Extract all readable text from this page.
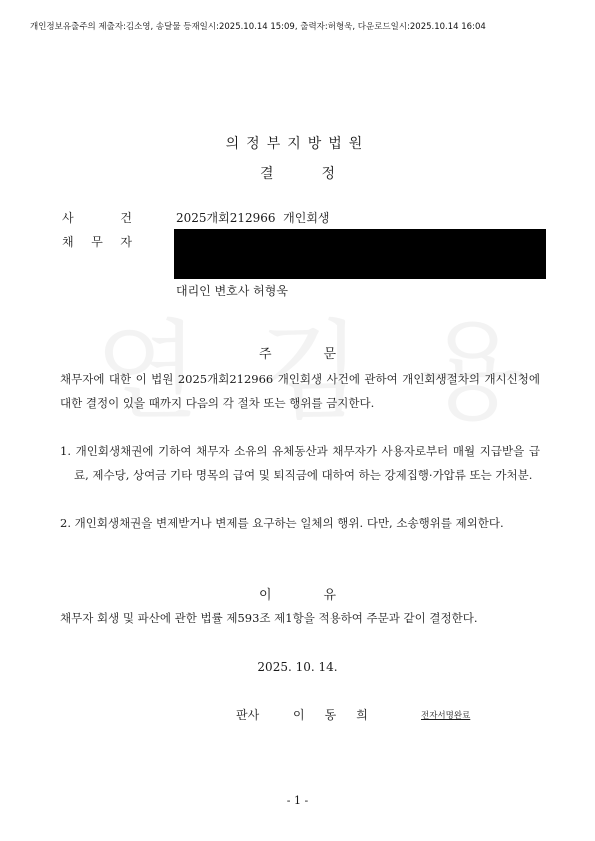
개인정보유출주의 제출자:김소영, 송달물 등재일시:2025.10.14 15:09, 출력자:허형욱, 다운로드일시:2025.10.14 16:04
의정부지방법원
결정
사	건	2025개회212966  개인회생
채 무 자
대리인 변호사 허형욱
주문
채무자에 대한 이 법원 2025개회212966 개인회생 사건에 관하여 개인회생절차의 개시신청에 대한 결정이 있을 때까지 다음의 각 절차 또는 행위를 금지한다.
1. 개인회생채권에 기하여 채무자 소유의 유체동산과 채무자가 사용자로부터 매월 지급받을 급료, 제수당, 상여금 기타 명목의 급여 및 퇴직금에 대하여 하는 강제집행·가압류 또는 가처분.
2. 개인회생채권을 변제받거나 변제를 요구하는 일체의 행위. 다만, 소송행위를 제외한다.
이유
채무자 회생 및 파산에 관한 법률 제593조 제1항을 적용하여 주문과 같이 결정한다.
2025. 10. 14.
판사	이동희	전자서명완료
- 1 -
